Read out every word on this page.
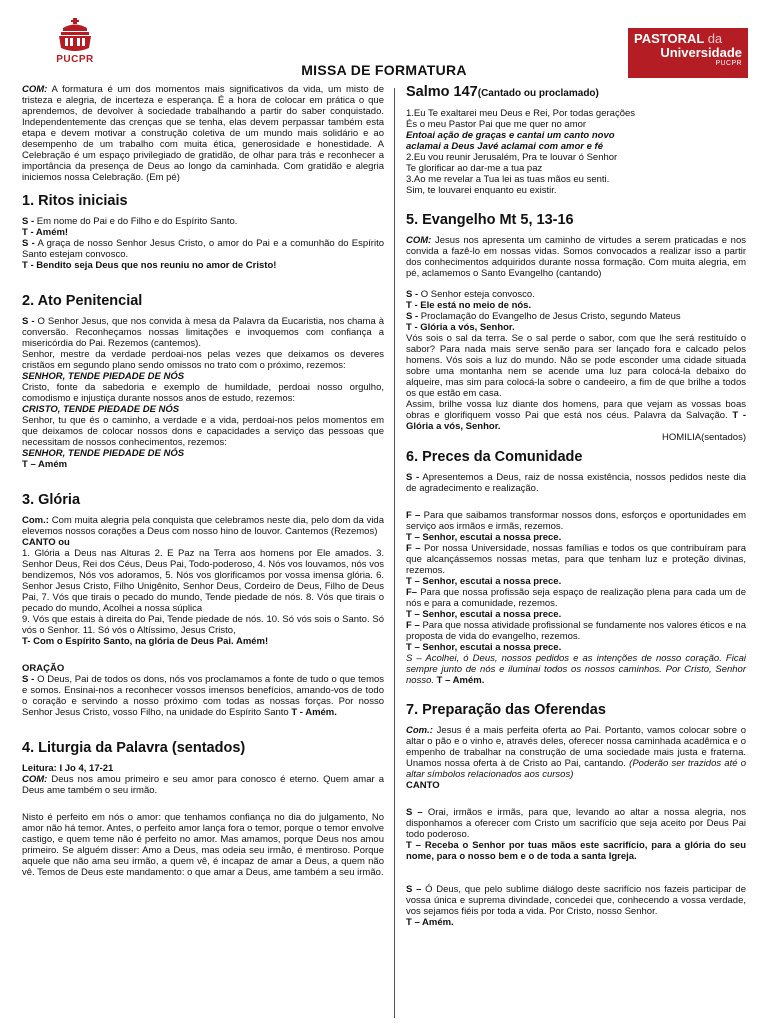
PUCPR
PASTORAL da
Universidade
PUCPR
MISSA DE FORMATURA

COM: A formatura é um dos momentos mais significativos da vida, um misto de tristeza e alegria, de incerteza e esperança. É a hora de colocar em prática o que aprendemos, de devolver à sociedade trabalhando a partir do saber conquistado. Independentemente das crenças que se tenha, elas devem perpassar também esta etapa e devem motivar a construção coletiva de um mundo mais solidário e ao desempenho de um trabalho com muita ética, generosidade e honestidade. A Celebração é um espaço privilegiado de gratidão, de olhar para trás e reconhecer a importância da presença de Deus ao longo da caminhada. Com gratidão e alegria iniciemos nossa Celebração. (Em pé)

1. Ritos iniciais

S - Em nome do Pai e do Filho e do Espírito Santo.

T - Amém!

S - A graça de nosso Senhor Jesus Cristo, o amor do Pai e a comunhão do Espírito Santo estejam convosco.

T - Bendito seja Deus que nos reuniu no amor de Cristo!

2. Ato Penitencial

S - O Senhor Jesus, que nos convida à mesa da Palavra da Eucaristia, nos chama à conversão. Reconheçamos nossas limitações e invoquemos com confiança a misericórdia do Pai. Rezemos (cantemos).

Senhor, mestre da verdade perdoai-nos pelas vezes que deixamos os deveres cristãos em segundo plano sendo omissos no trato com o próximo, rezemos:

SENHOR, TENDE PIEDADE DE NÓS

Cristo, fonte da sabedoria e exemplo de humildade, perdoai nosso orgulho, comodismo e injustiça durante nossos anos de estudo, rezemos:

CRISTO, TENDE PIEDADE DE NÓS

Senhor, tu que és o caminho, a verdade e a vida, perdoai-nos pelos momentos em que deixamos de colocar nossos dons e capacidades a serviço das pessoas que necessitam de nossos conhecimentos, rezemos:

SENHOR, TENDE PIEDADE DE NÓS

T – Amém

3. Glória

Com.: Com muita alegria pela conquista que celebramos neste dia, pelo dom da vida elevemos nossos corações a Deus com nosso hino de louvor. Cantemos (Rezemos)

CANTO ou

1. Glória a Deus nas Alturas 2. E Paz na Terra aos homens por Ele amados. 3. Senhor Deus, Rei dos Céus, Deus Pai, Todo-poderoso, 4. Nós vos louvamos, nós vos bendizemos, Nós vos adoramos, 5. Nós vos glorificamos por vossa imensa glória. 6. Senhor Jesus Cristo, Filho Unigênito, Senhor Deus, Cordeiro de Deus, Filho de Deus Pai, 7. Vós que tirais o pecado do mundo, Tende piedade de nós. 8. Vós que tirais o pecado do mundo, Acolhei a nossa súplica

9. Vós que estais à direita do Pai, Tende piedade de nós. 10. Só vós sois o Santo. Só vós o Senhor. 11. Só vós o Altíssimo, Jesus Cristo,

T- Com o Espírito Santo, na glória de Deus Pai. Amém!

ORAÇÃO

S - O Deus, Pai de todos os dons, nós vos proclamamos a fonte de tudo o que temos e somos. Ensinai-nos a reconhecer vossos imensos benefícios, amando-vos de todo o coração e servindo a nosso próximo com todas as nossas forças. Por nosso Senhor Jesus Cristo, vosso Filho, na unidade do Espírito Santo T - Amém.

4. Liturgia da Palavra (sentados)

Leitura: I Jo 4, 17-21

COM: Deus nos amou primeiro e seu amor para conosco é eterno. Quem amar a Deus ame também o seu irmão.

Nisto é perfeito em nós o amor: que tenhamos confiança no dia do julgamento, No amor não há temor. Antes, o perfeito amor lança fora o temor, porque o temor envolve castigo, e quem teme não é perfeito no amor. Mas amamos, porque Deus nos amou primeiro. Se alguém disser: Amo a Deus, mas odeia seu irmão, é mentiroso. Porque aquele que não ama seu irmão, a quem vê, é incapaz de amar a Deus, a quem não vê. Temos de Deus este mandamento: o que amar a Deus, ame também a seu irmão.

Salmo 147(Cantado ou proclamado)

1.Eu Te exaltarei meu Deus e Rei, Por todas gerações

És o meu Pastor Pai que me quer no amor

Entoai ação de graças e cantai um canto novo

aclamai a Deus Javé aclamai com amor e fé

2.Eu vou reunir Jerusalém, Pra te louvar ó Senhor

Te glorificar ao dar-me a tua paz

3.Ao me revelar a Tua lei as tuas mãos eu senti.

Sim, te louvarei enquanto eu existir.

5. Evangelho Mt 5, 13-16

COM: Jesus nos apresenta um caminho de virtudes a serem praticadas e nos convida a fazê-lo em nossas vidas. Somos convocados a realizar isso a partir dos conhecimentos adquiridos durante nossa formação. Com muita alegria, em pé, aclamemos o Santo Evangelho (cantando)

S - O Senhor esteja convosco.

T - Ele está no meio de nós.

S - Proclamação do Evangelho de Jesus Cristo, segundo Mateus

T - Glória a vós, Senhor.

Vós sois o sal da terra. Se o sal perde o sabor, com que lhe será restituído o sabor? Para nada mais serve senão para ser lançado fora e calcado pelos homens. Vós sois a luz do mundo. Não se pode esconder uma cidade situada sobre uma montanha nem se acende uma luz para colocá-la debaixo do alqueire, mas sim para colocá-la sobre o candeeiro, a fim de que brilhe a todos os que estão em casa.

Assim, brilhe vossa luz diante dos homens, para que vejam as vossas boas obras e glorifiquem vosso Pai que está nos céus. Palavra da Salvação. T - Glória a vós, Senhor.

HOMILIA(sentados)

6. Preces da Comunidade

S - Apresentemos a Deus, raiz de nossa existência, nossos pedidos neste dia de agradecimento e realização.

F – Para que saibamos transformar nossos dons, esforços e oportunidades em serviço aos irmãos e irmãs, rezemos.

T – Senhor, escutai a nossa prece.

F – Por nossa Universidade, nossas famílias e todos os que contribuíram para que alcançássemos nossas metas, para que tenham luz e proteção divinas, rezemos.

T – Senhor, escutai a nossa prece.

F– Para que nossa profissão seja espaço de realização plena para cada um de nós e para a comunidade, rezemos.

T – Senhor, escutai a nossa prece.

F – Para que nossa atividade profissional se fundamente nos valores éticos e na proposta de vida do evangelho, rezemos.

T – Senhor, escutai a nossa prece.

S – Acolhei, ó Deus, nossos pedidos e as intenções de nosso coração. Ficai sempre junto de nós e iluminai todos os nossos caminhos. Por Cristo, Senhor nosso. T – Amém.

7. Preparação das Oferendas

Com.: Jesus é a mais perfeita oferta ao Pai. Portanto, vamos colocar sobre o altar o pão e o vinho e, através deles, oferecer nossa caminhada acadêmica e o empenho de trabalhar na construção de uma sociedade mais justa e fraterna. Unamos nossa oferta à de Cristo ao Pai, cantando. (Poderão ser trazidos até o altar símbolos relacionados aos cursos)

CANTO

S – Orai, irmãos e irmãs, para que, levando ao altar a nossa alegria, nos disponhamos a oferecer com Cristo um sacrifício que seja aceito por Deus Pai todo poderoso.

T – Receba o Senhor por tuas mãos este sacrifício, para a glória do seu nome, para o nosso bem e o de toda a santa Igreja.

S – Ó Deus, que pelo sublime diálogo deste sacrifício nos fazeis participar de vossa única e suprema divindade, concedei que, conhecendo a vossa verdade, vos sejamos fiéis por toda a vida. Por Cristo, nosso Senhor.

T – Amém.
